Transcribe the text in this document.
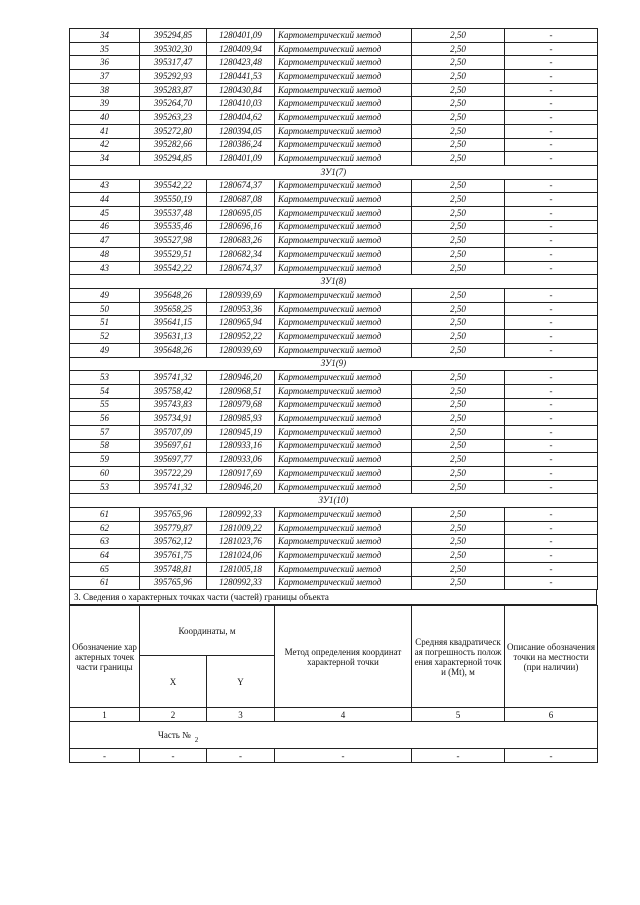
34	395294,85	1280401,09	Картометрический метод	2,50	-
35	395302,30	1280409,94	Картометрический метод	2,50	-
36	395317,47	1280423,48	Картометрический метод	2,50	-
37	395292,93	1280441,53	Картометрический метод	2,50	-
38	395283,87	1280430,84	Картометрический метод	2,50	-
39	395264,70	1280410,03	Картометрический метод	2,50	-
40	395263,23	1280404,62	Картометрический метод	2,50	-
41	395272,80	1280394,05	Картометрический метод	2,50	-
42	395282,66	1280386,24	Картометрический метод	2,50	-
34	395294,85	1280401,09	Картометрический метод	2,50	-
ЗУ1(7)					
43	395542,22	1280674,37	Картометрический метод	2,50	-
44	395550,19	1280687,08	Картометрический метод	2,50	-
45	395537,48	1280695,05	Картометрический метод	2,50	-
46	395535,46	1280696,16	Картометрический метод	2,50	-
47	395527,98	1280683,26	Картометрический метод	2,50	-
48	395529,51	1280682,34	Картометрический метод	2,50	-
43	395542,22	1280674,37	Картометрический метод	2,50	-
ЗУ1(8)					
49	395648,26	1280939,69	Картометрический метод	2,50	-
50	395658,25	1280953,36	Картометрический метод	2,50	-
51	395641,15	1280965,94	Картометрический метод	2,50	-
52	395631,13	1280952,22	Картометрический метод	2,50	-
49	395648,26	1280939,69	Картометрический метод	2,50	-
ЗУ1(9)					
53	395741,32	1280946,20	Картометрический метод	2,50	-
54	395758,42	1280968,51	Картометрический метод	2,50	-
55	395743,83	1280979,68	Картометрический метод	2,50	-
56	395734,91	1280985,93	Картометрический метод	2,50	-
57	395707,09	1280945,19	Картометрический метод	2,50	-
58	395697,61	1280933,16	Картометрический метод	2,50	-
59	395697,77	1280933,06	Картометрический метод	2,50	-
60	395722,29	1280917,69	Картометрический метод	2,50	-
53	395741,32	1280946,20	Картометрический метод	2,50	-
ЗУ1(10)					
61	395765,96	1280992,33	Картометрический метод	2,50	-
62	395779,87	1281009,22	Картометрический метод	2,50	-
63	395762,12	1281023,76	Картометрический метод	2,50	-
64	395761,75	1281024,06	Картометрический метод	2,50	-
65	395748,81	1281005,18	Картометрический метод	2,50	-
61	395765,96	1280992,33	Картометрический метод	2,50	-
3. Сведения о характерных точках части (частей) границы объекта
Обозначение характерных точек части границы	Координаты, м		Метод определения координат характерной точки	Средняя квадратическая погрешность положения характерной точки (Mt), м	Описание обозначения точки на местности (при наличии)
	X	Y			
1	2	3	4	5	6
Часть № $_2$
-	-	-	-	-	-
